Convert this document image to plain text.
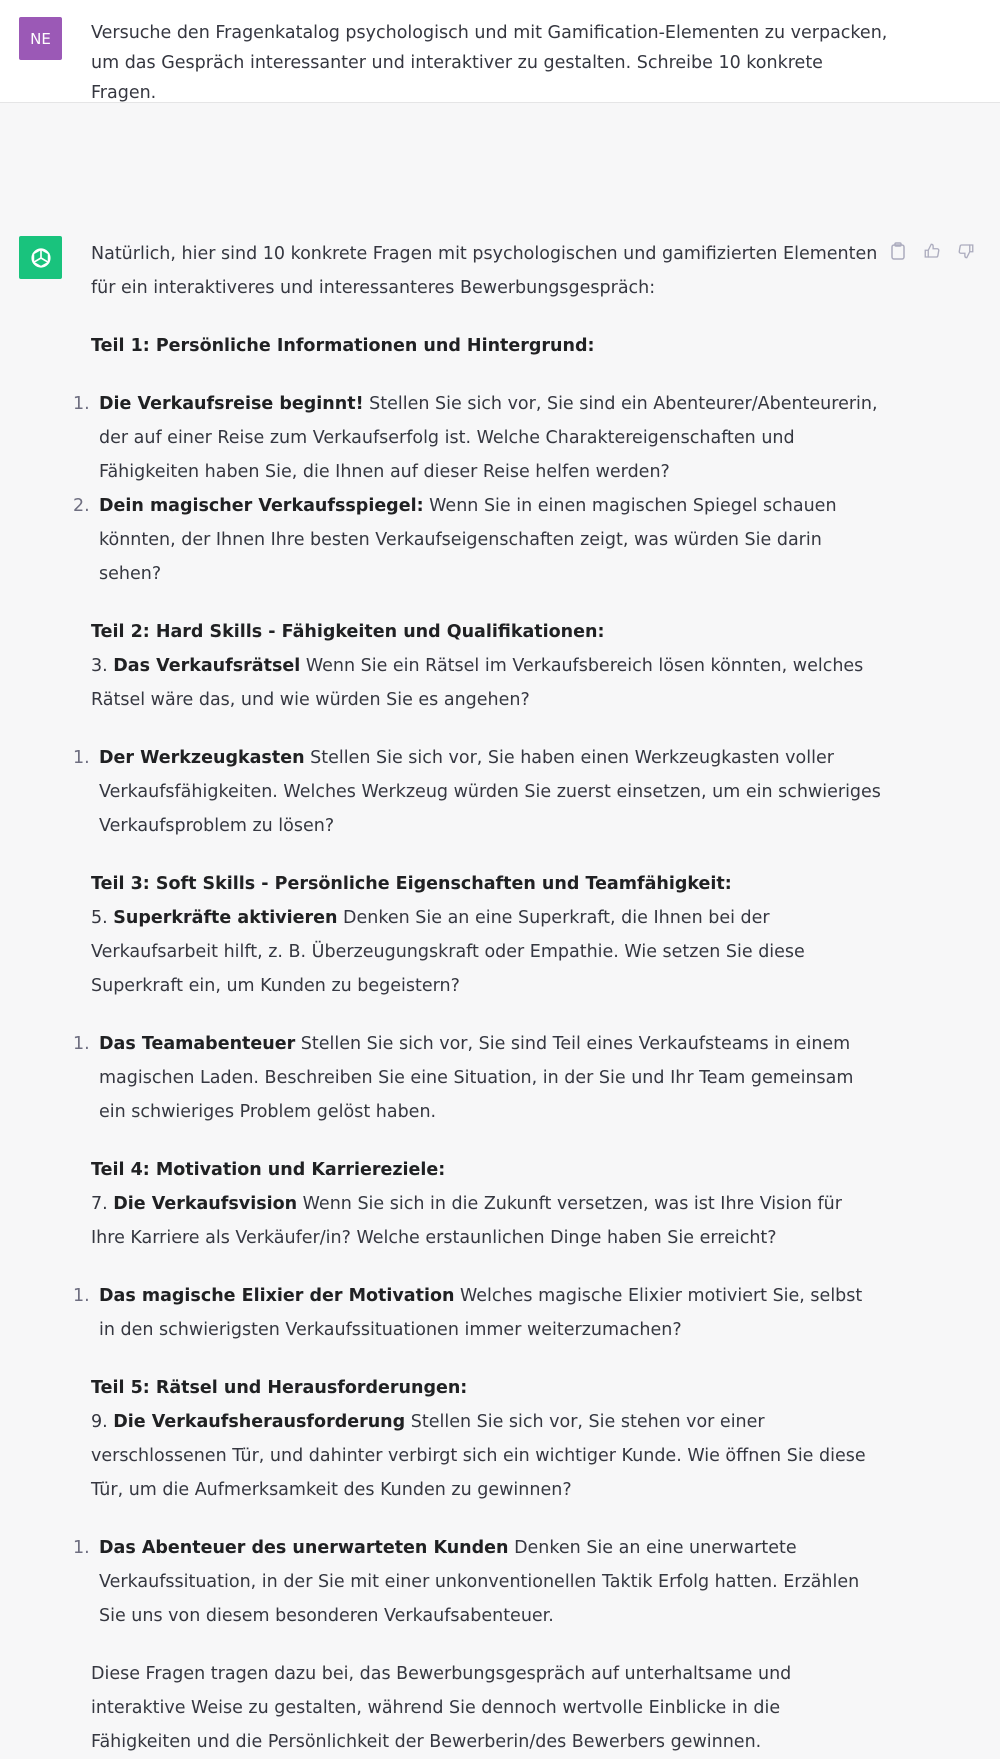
NE	Versuche den Fragenkatalog psychologisch und mit Gamification-Elementen zu verpacken, um das Gespräch interessanter und interaktiver zu gestalten. Schreibe 10 konkrete Fragen.

Natürlich, hier sind 10 konkrete Fragen mit psychologischen und gamifizierten Elementen für ein interaktiveres und interessanteres Bewerbungsgespräch:

Teil 1: Persönliche Informationen und Hintergrund:

1. Die Verkaufsreise beginnt! Stellen Sie sich vor, Sie sind ein Abenteurer/Abenteurerin, der auf einer Reise zum Verkaufserfolg ist. Welche Charaktereigenschaften und Fähigkeiten haben Sie, die Ihnen auf dieser Reise helfen werden?
2. Dein magischer Verkaufsspiegel: Wenn Sie in einen magischen Spiegel schauen könnten, der Ihnen Ihre besten Verkaufseigenschaften zeigt, was würden Sie darin sehen?

Teil 2: Hard Skills - Fähigkeiten und Qualifikationen:

3. Das Verkaufsrätsel Wenn Sie ein Rätsel im Verkaufsbereich lösen könnten, welches Rätsel wäre das, und wie würden Sie es angehen?

1. Der Werkzeugkasten Stellen Sie sich vor, Sie haben einen Werkzeugkasten voller Verkaufsfähigkeiten. Welches Werkzeug würden Sie zuerst einsetzen, um ein schwieriges Verkaufsproblem zu lösen?

Teil 3: Soft Skills - Persönliche Eigenschaften und Teamfähigkeit:

5. Superkräfte aktivieren Denken Sie an eine Superkraft, die Ihnen bei der Verkaufsarbeit hilft, z. B. Überzeugungskraft oder Empathie. Wie setzen Sie diese Superkraft ein, um Kunden zu begeistern?

1. Das Teamabenteuer Stellen Sie sich vor, Sie sind Teil eines Verkaufsteams in einem magischen Laden. Beschreiben Sie eine Situation, in der Sie und Ihr Team gemeinsam ein schwieriges Problem gelöst haben.

Teil 4: Motivation und Karriereziele:

7. Die Verkaufsvision Wenn Sie sich in die Zukunft versetzen, was ist Ihre Vision für Ihre Karriere als Verkäufer/in? Welche erstaunlichen Dinge haben Sie erreicht?

1. Das magische Elixier der Motivation Welches magische Elixier motiviert Sie, selbst in den schwierigsten Verkaufssituationen immer weiterzumachen?

Teil 5: Rätsel und Herausforderungen:

9. Die Verkaufsherausforderung Stellen Sie sich vor, Sie stehen vor einer verschlossenen Tür, und dahinter verbirgt sich ein wichtiger Kunde. Wie öffnen Sie diese Tür, um die Aufmerksamkeit des Kunden zu gewinnen?

1. Das Abenteuer des unerwarteten Kunden Denken Sie an eine unerwartete Verkaufssituation, in der Sie mit einer unkonventionellen Taktik Erfolg hatten. Erzählen Sie uns von diesem besonderen Verkaufsabenteuer.

Diese Fragen tragen dazu bei, das Bewerbungsgespräch auf unterhaltsame und interaktive Weise zu gestalten, während Sie dennoch wertvolle Einblicke in die Fähigkeiten und die Persönlichkeit der Bewerberin/des Bewerbers gewinnen.
